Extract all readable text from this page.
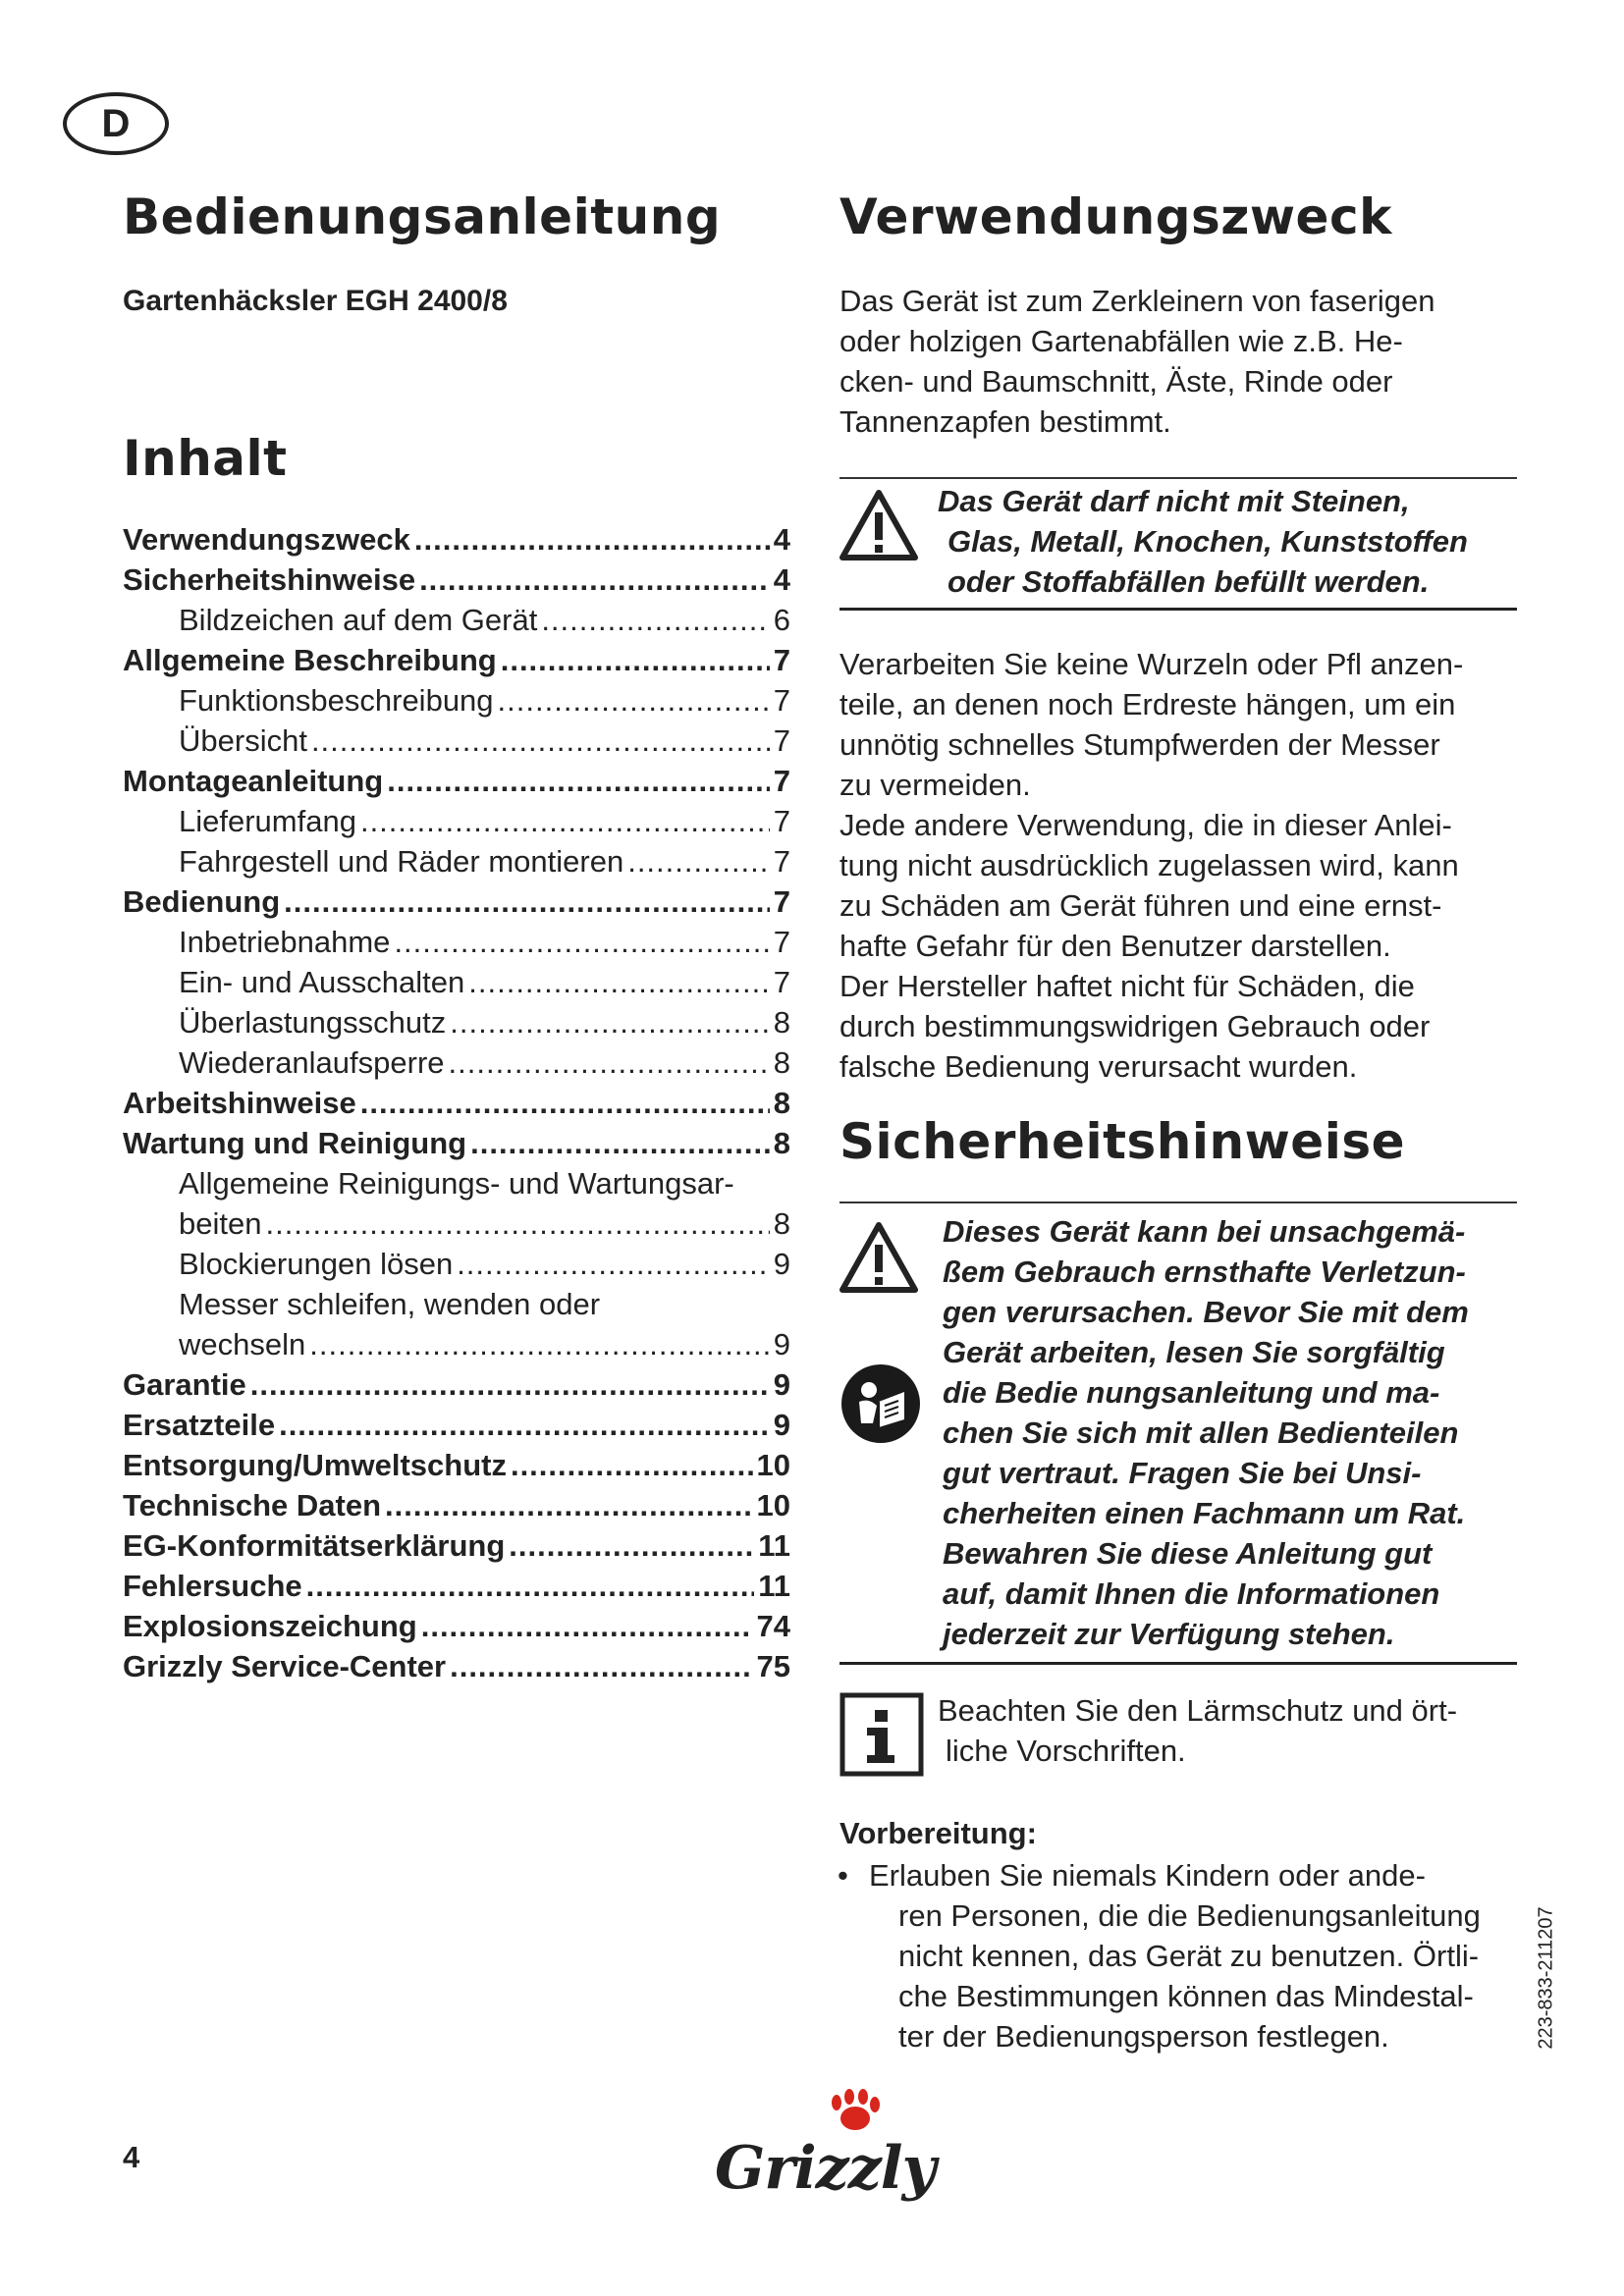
D
Bedienungsanleitung
Gartenhäcksler EGH 2400/8
Inhalt
Verwendungszweck .....	4
Sicherheitshinweise .....	4
Bildzeichen auf dem Gerät .....	6
Allgemeine Beschreibung .....	7
Funktionsbeschreibung .....	7
Übersicht .....	7
Montageanleitung .....	7
Lieferumfang .....	7
Fahrgestell und Räder montieren .....	7
Bedienung .....	7
Inbetriebnahme .....	7
Ein- und Ausschalten .....	7
Überlastungsschutz .....	8
Wiederanlaufsperre .....	8
Arbeitshinweise .....	8
Wartung und Reinigung .....	8
Allgemeine Reinigungs- und Wartungsar-
beiten .....	8
Blockierungen lösen .....	9
Messer schleifen, wenden oder
wechseln .....	9
Garantie .....	9
Ersatzteile .....	9
Entsorgung/Umweltschutz .....	10
Technische Daten .....	10
EG-Konformitätserklärung .....	11
Fehlersuche .....	11
Explosionszeichung .....	74
Grizzly Service-Center .....	75
Verwendungszweck
Das Gerät ist zum Zerkleinern von faserigen
oder holzigen Gartenabfällen wie z.B. He-
cken- und Baumschnitt, Äste, Rinde oder
Tannenzapfen bestimmt.
Das Gerät darf nicht mit Steinen,
Glas, Metall, Knochen, Kunststoffen
oder Stoffabfällen befüllt werden.
Verarbeiten Sie keine Wurzeln oder Pfl anzen-
teile, an denen noch Erdreste hängen, um ein
unnötig schnelles Stumpfwerden der Messer
zu vermeiden.
Jede andere Verwendung, die in dieser Anlei-
tung nicht ausdrücklich zugelassen wird, kann
zu Schäden am Gerät führen und eine ernst-
hafte Gefahr für den Benutzer darstellen.
Der Hersteller haftet nicht für Schäden, die
durch bestimmungswidrigen Gebrauch oder
falsche Bedienung verursacht wurden.
Sicherheitshinweise
Dieses Gerät kann bei unsachgemä-
ßem Gebrauch ernsthafte Verletzun-
gen verursachen. Bevor Sie mit dem
Gerät arbeiten, lesen Sie sorgfältig
die Bedie nungsanleitung und ma-
chen Sie sich mit allen Bedienteilen
gut vertraut. Fragen Sie bei Unsi-
cherheiten einen Fachmann um Rat.
Bewahren Sie diese Anleitung gut
auf, damit Ihnen die Informationen
jederzeit zur Verfügung stehen.
Beachten Sie den Lärmschutz und ört-
liche Vorschriften.
Vorbereitung:
• Erlauben Sie niemals Kindern oder ande-
ren Personen, die die Bedienungsanleitung
nicht kennen, das Gerät zu benutzen. Örtli-
che Bestimmungen können das Mindestal-
ter der Bedienungsperson festlegen.	223-833-211207
4	Grizzly
